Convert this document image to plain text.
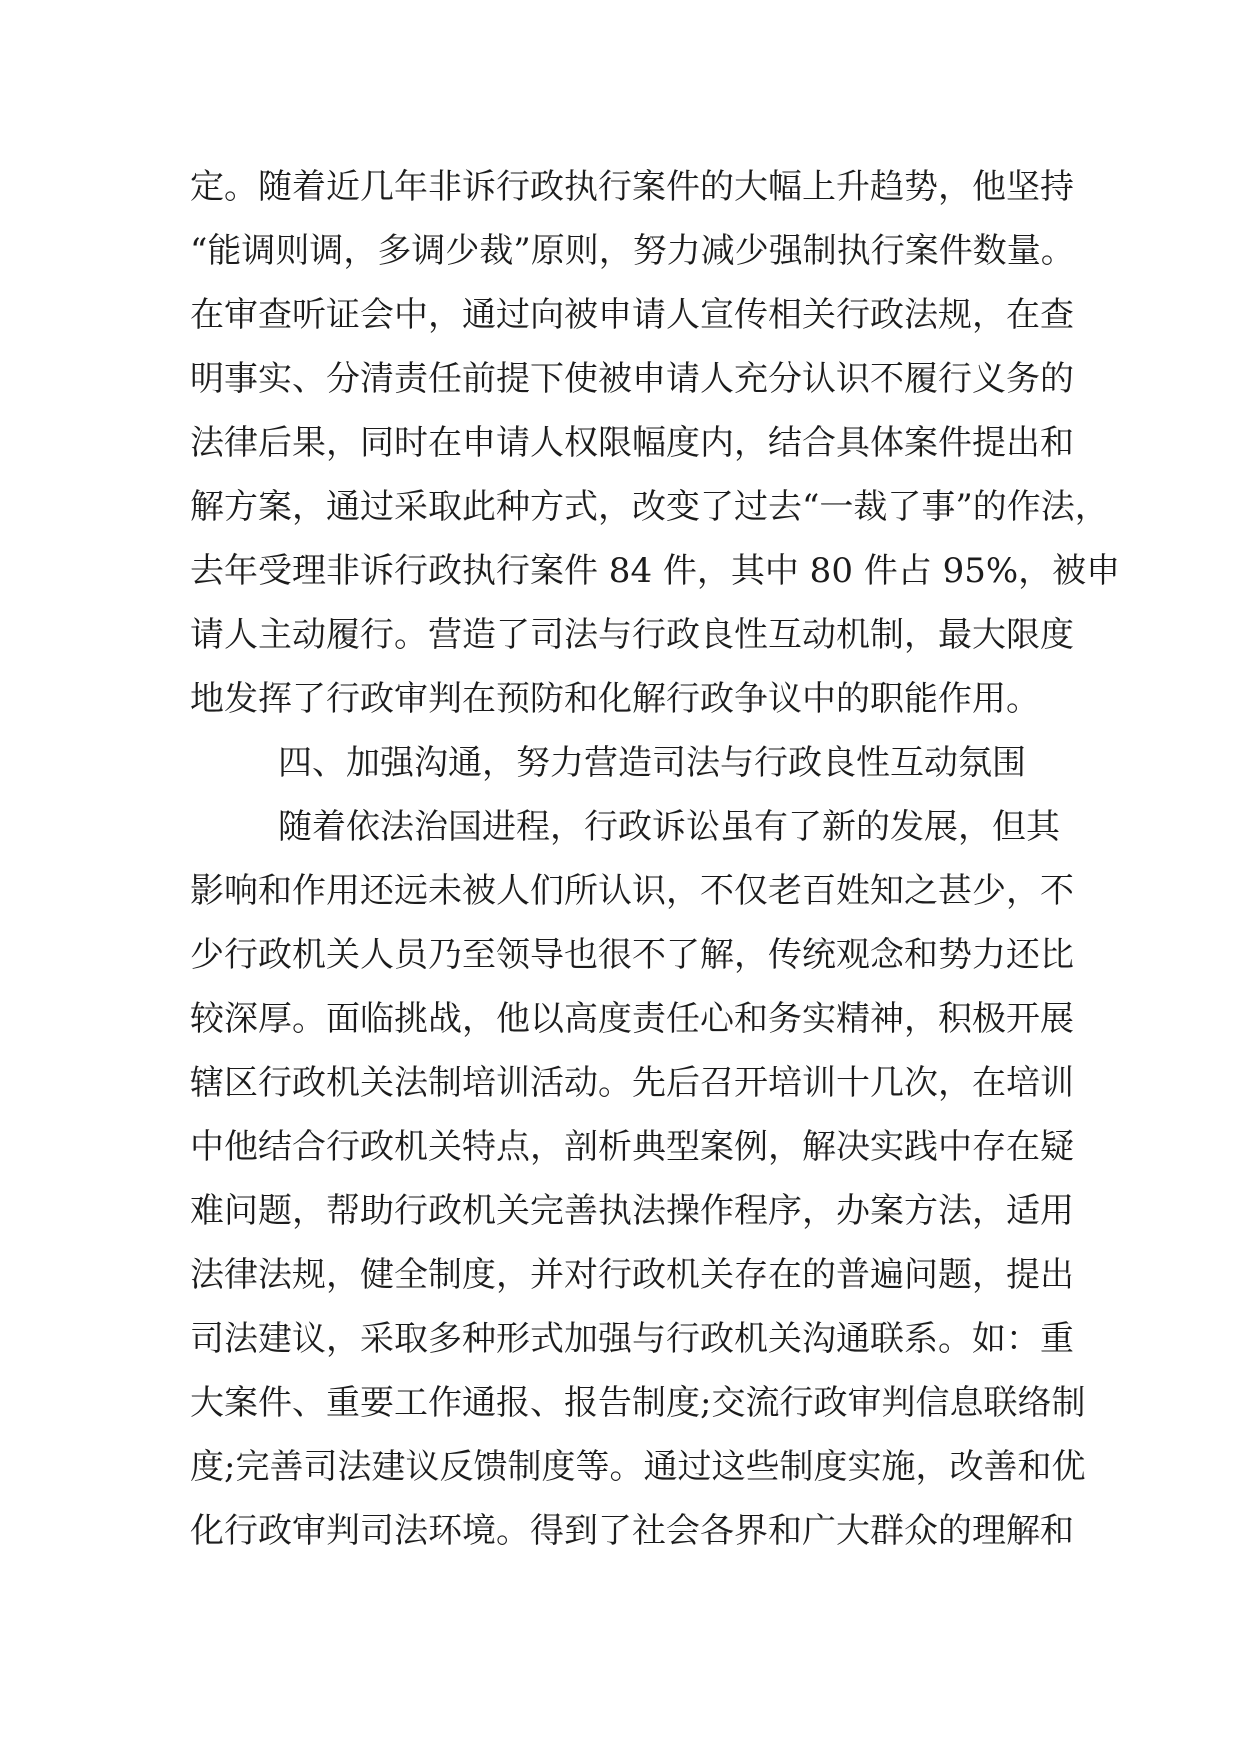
定。随着近几年非诉行政执行案件的大幅上升趋势，他坚持
“能调则调，多调少裁”原则，努力减少强制执行案件数量。
在审查听证会中，通过向被申请人宣传相关行政法规，在查
明事实、分清责任前提下使被申请人充分认识不履行义务的
法律后果，同时在申请人权限幅度内，结合具体案件提出和
解方案，通过采取此种方式，改变了过去“一裁了事”的作法，
去年受理非诉行政执行案件 84 件，其中 80 件占 95%，被申
请人主动履行。营造了司法与行政良性互动机制，最大限度
地发挥了行政审判在预防和化解行政争议中的职能作用。
四、加强沟通，努力营造司法与行政良性互动氛围
随着依法治国进程，行政诉讼虽有了新的发展，但其
影响和作用还远未被人们所认识，不仅老百姓知之甚少，不
少行政机关人员乃至领导也很不了解，传统观念和势力还比
较深厚。面临挑战，他以高度责任心和务实精神，积极开展
辖区行政机关法制培训活动。先后召开培训十几次，在培训
中他结合行政机关特点，剖析典型案例，解决实践中存在疑
难问题，帮助行政机关完善执法操作程序，办案方法，适用
法律法规，健全制度，并对行政机关存在的普遍问题，提出
司法建议，采取多种形式加强与行政机关沟通联系。如：重
大案件、重要工作通报、报告制度;交流行政审判信息联络制
度;完善司法建议反馈制度等。通过这些制度实施，改善和优
化行政审判司法环境。得到了社会各界和广大群众的理解和
